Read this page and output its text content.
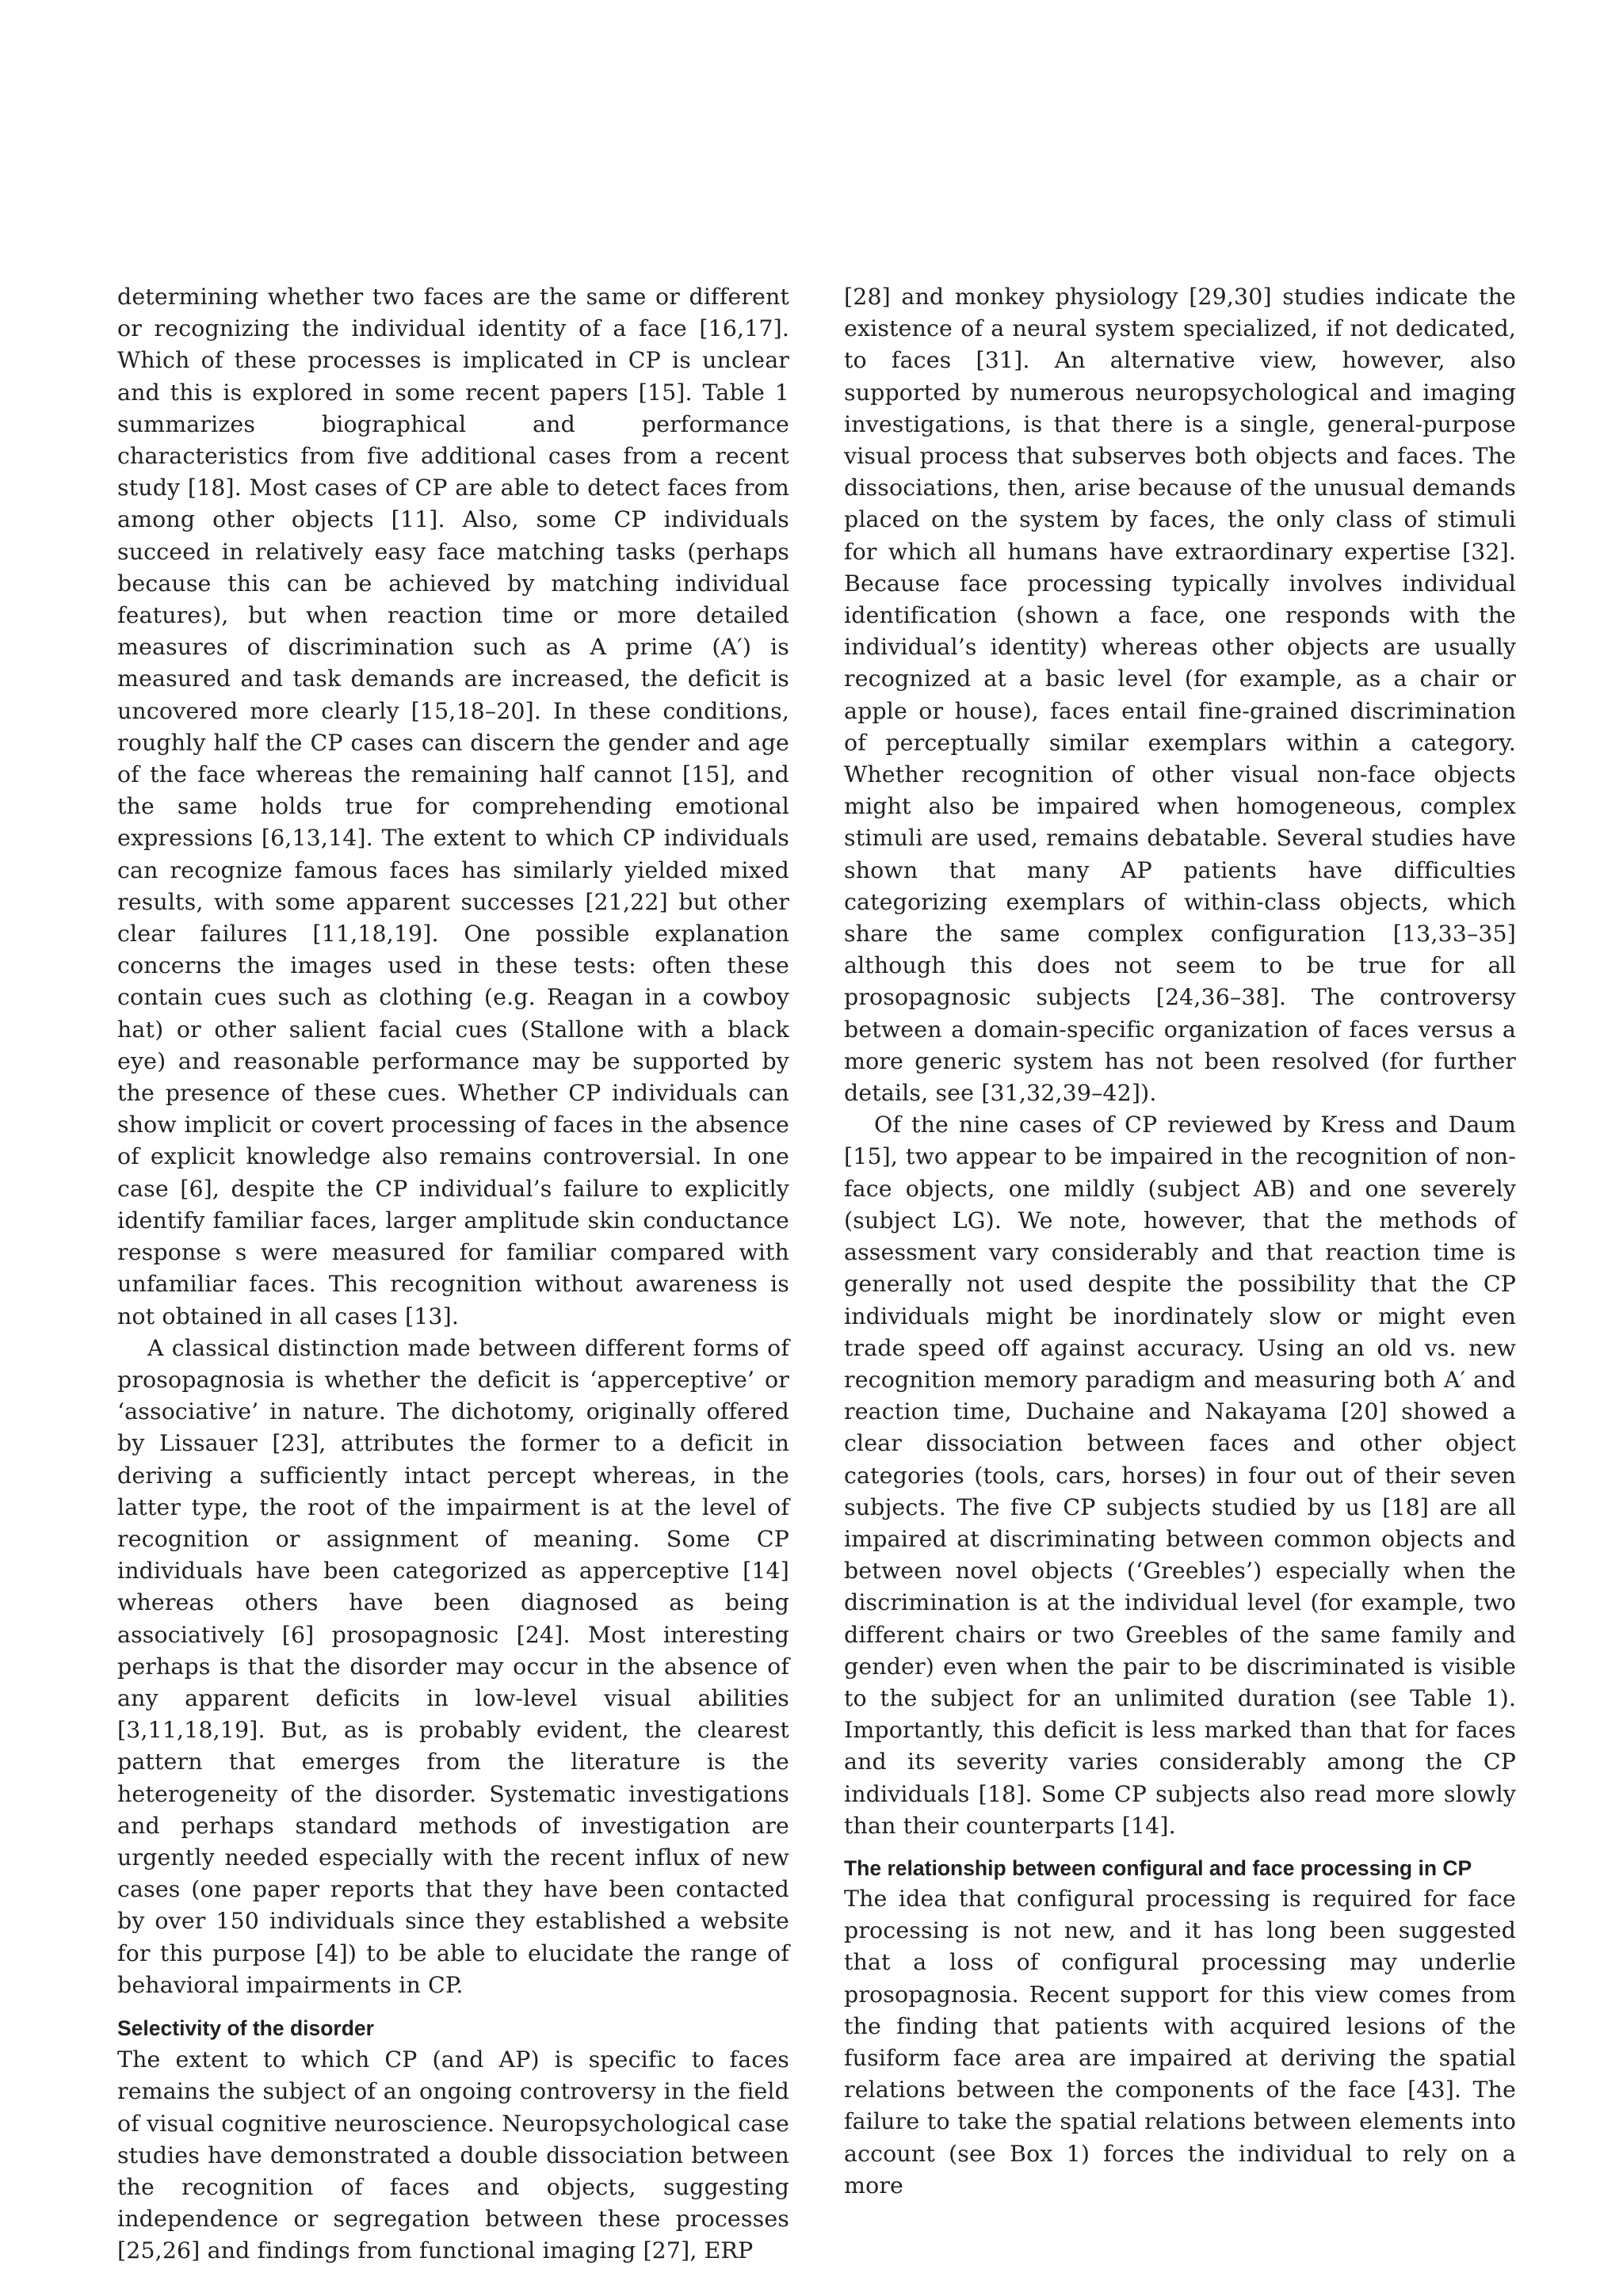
determining whether two faces are the same or different or recognizing the individual identity of a face [16,17]. Which of these processes is implicated in CP is unclear and this is explored in some recent papers [15]. Table 1 summarizes biographical and performance characteristics from five additional cases from a recent study [18]. Most cases of CP are able to detect faces from among other objects [11]. Also, some CP individuals succeed in relatively easy face matching tasks (perhaps because this can be achieved by matching individual features), but when reaction time or more detailed measures of discrimination such as A prime (A′) is measured and task demands are increased, the deficit is uncovered more clearly [15,18–20]. In these conditions, roughly half the CP cases can discern the gender and age of the face whereas the remaining half cannot [15], and the same holds true for comprehending emotional expressions [6,13,14]. The extent to which CP individuals can recognize famous faces has similarly yielded mixed results, with some apparent successes [21,22] but other clear failures [11,18,19]. One possible explanation concerns the images used in these tests: often these contain cues such as clothing (e.g. Reagan in a cowboy hat) or other salient facial cues (Stallone with a black eye) and reasonable performance may be supported by the presence of these cues. Whether CP individuals can show implicit or covert processing of faces in the absence of explicit knowledge also remains controversial. In one case [6], despite the CP individual’s failure to explicitly identify familiar faces, larger amplitude skin conductance response s were measured for familiar compared with unfamiliar faces. This recognition without awareness is not obtained in all cases [13].

A classical distinction made between different forms of prosopagnosia is whether the deficit is ‘apperceptive’ or ‘associative’ in nature. The dichotomy, originally offered by Lissauer [23], attributes the former to a deficit in deriving a sufficiently intact percept whereas, in the latter type, the root of the impairment is at the level of recognition or assignment of meaning. Some CP individuals have been categorized as apperceptive [14] whereas others have been diagnosed as being associatively [6] prosopagnosic [24]. Most interesting perhaps is that the disorder may occur in the absence of any apparent deficits in low-level visual abilities [3,11,18,19]. But, as is probably evident, the clearest pattern that emerges from the literature is the heterogeneity of the disorder. Systematic investigations and perhaps standard methods of investigation are urgently needed especially with the recent influx of new cases (one paper reports that they have been contacted by over 150 individuals since they established a website for this purpose [4]) to be able to elucidate the range of behavioral impairments in CP.

Selectivity of the disorder

The extent to which CP (and AP) is specific to faces remains the subject of an ongoing controversy in the field of visual cognitive neuroscience. Neuropsychological case studies have demonstrated a double dissociation between the recognition of faces and objects, suggesting independence or segregation between these processes [25,26] and findings from functional imaging [27], ERP

[28] and monkey physiology [29,30] studies indicate the existence of a neural system specialized, if not dedicated, to faces [31]. An alternative view, however, also supported by numerous neuropsychological and imaging investigations, is that there is a single, general-purpose visual process that subserves both objects and faces. The dissociations, then, arise because of the unusual demands placed on the system by faces, the only class of stimuli for which all humans have extraordinary expertise [32]. Because face processing typically involves individual identification (shown a face, one responds with the individual’s identity) whereas other objects are usually recognized at a basic level (for example, as a chair or apple or house), faces entail fine-grained discrimination of perceptually similar exemplars within a category. Whether recognition of other visual non-face objects might also be impaired when homogeneous, complex stimuli are used, remains debatable. Several studies have shown that many AP patients have difficulties categorizing exemplars of within-class objects, which share the same complex configuration [13,33–35] although this does not seem to be true for all prosopagnosic subjects [24,36–38]. The controversy between a domain-specific organization of faces versus a more generic system has not been resolved (for further details, see [31,32,39–42]).

Of the nine cases of CP reviewed by Kress and Daum [15], two appear to be impaired in the recognition of non-face objects, one mildly (subject AB) and one severely (subject LG). We note, however, that the methods of assessment vary considerably and that reaction time is generally not used despite the possibility that the CP individuals might be inordinately slow or might even trade speed off against accuracy. Using an old vs. new recognition memory paradigm and measuring both A′ and reaction time, Duchaine and Nakayama [20] showed a clear dissociation between faces and other object categories (tools, cars, horses) in four out of their seven subjects. The five CP subjects studied by us [18] are all impaired at discriminating between common objects and between novel objects (‘Greebles’) especially when the discrimination is at the individual level (for example, two different chairs or two Greebles of the same family and gender) even when the pair to be discriminated is visible to the subject for an unlimited duration (see Table 1). Importantly, this deficit is less marked than that for faces and its severity varies considerably among the CP individuals [18]. Some CP subjects also read more slowly than their counterparts [14].

The relationship between configural and face processing in CP

The idea that configural processing is required for face processing is not new, and it has long been suggested that a loss of configural processing may underlie prosopagnosia. Recent support for this view comes from the finding that patients with acquired lesions of the fusiform face area are impaired at deriving the spatial relations between the components of the face [43]. The failure to take the spatial relations between elements into account (see Box 1) forces the individual to rely on a more
